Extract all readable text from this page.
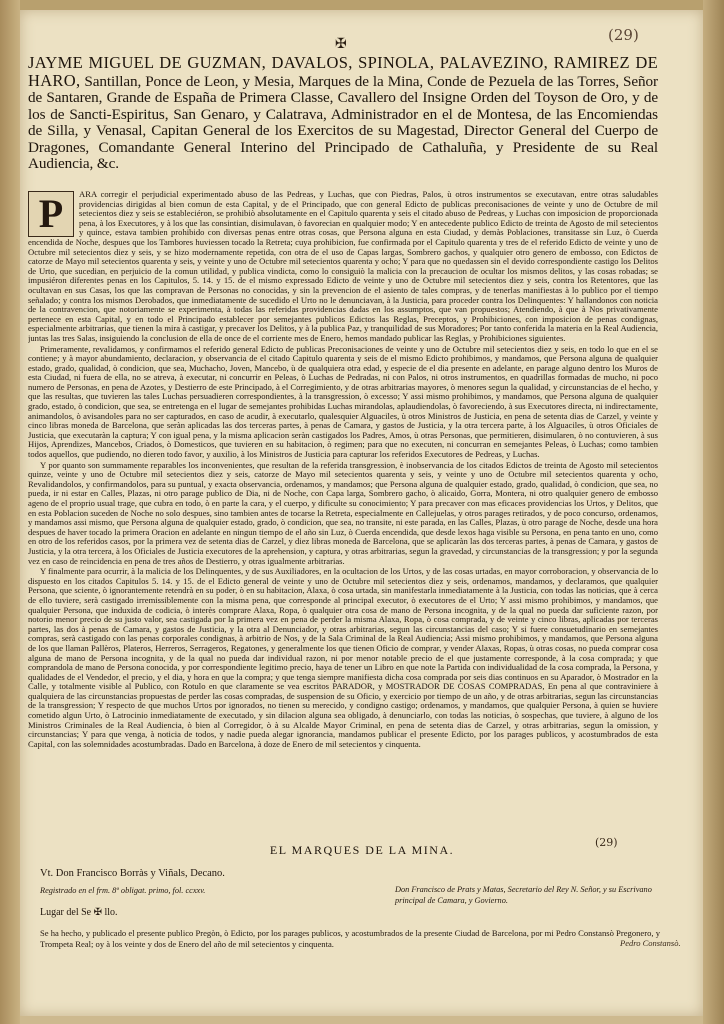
(29)
✠
JAYME MIGUEL DE GUZMAN, DAVALOS, SPINOLA, PALAVEZINO, RAMIREZ DE HARO, Santillan, Ponce de Leon, y Mesia, Marques de la Mina, Conde de Pezuela de las Torres, Señor de Santaren, Grande de España de Primera Classe, Cavallero del Insigne Orden del Toyson de Oro, y de los de Sancti-Espiritus, San Genaro, y Calatrava, Administrador en el de Montesa, de las Encomiendas de Silla, y Venasal, Capitan General de los Exercitos de su Magestad, Director General del Cuerpo de Dragones, Comandante General Interino del Principado de Cathaluña, y Presidente de su Real Audiencia, &c.
P	ARA corregir el perjudicial experimentado abuso de las Pedreas, y Luchas, que con Piedras, Palos, ù otros instrumentos se executavan, entre otras saludables providencias dirigidas al bien comun de esta Capital, y de el Principado, que con general Edicto de publicas preconisaciones de veinte y uno de Octubre de mil setecientos diez y seis se estableciéron, se prohibiò absolutamente en el Capitulo quarenta y seis el citado abuso de Pedreas, y Luchas con imposicion de proporcionada pena, à los Executores, y à los que las consintian, disimulavan, ò favorecian en qualquier modo; Y en antecedente publico Edicto de treinta de Agosto de mil setecientos y quince, estava tambien prohibido con diversas penas entre otras cosas, que Persona alguna en esta Ciudad, y demàs Poblaciones, transitasse sin Luz, ò Cuerda encendida de Noche, despues que los Tambores huviessen tocado la Retreta; cuya prohibicion, fue confirmada por el Capitulo quarenta y tres de el referido Edicto de veinte y uno de Octubre mil setecientos diez y seis, y se hizo modernamente repetida, con otra de el uso de Capas largas, Sombrero gachos, y qualquier otro genero de embosso, con Edictos de catorze de Mayo mil setecientos quarenta y seis, y veinte y uno de Octubre mil setecientos quarenta y ocho; Y para que no quedassen sin el devido correspondiente castigo los Delitos de Urto, que sucedian, en perjuicio de la comun utilidad, y publica vindicta, como lo consiguiò la malicia con la precaucion de ocultar los mismos delitos, y las cosas robadas; se impusiéron diferentes penas en los Capitulos, 5. 14. y 15. de el mismo expressado Edicto de veinte y uno de Octubre mil setecientos diez y seis, contra los Retentores, que las ocultavan en sus Casas, los que las compravan de Personas no conocidas, y sin la prevencion de el asiento de tales compras, y de tenerlas manifiestas à lo publico por el tiempo señalado; y contra los mismos Derobados, que inmediatamente de sucedido el Urto no le denunciavan, à la Justicia, para proceder contra los Delinquentes: Y hallandonos con noticia de la contravencion, que notoriamente se experimenta, à todas las referidas providencias dadas en los assumptos, que van propuestos; Atendiendo, à que à Nos privativamente pertenece en esta Capital, y en todo el Principado establecer por semejantes publicos Edictos las Reglas, Preceptos, y Prohibiciones, con imposicion de penas condignas, especialmente arbitrarias, que tienen la mira à castigar, y precaver los Delitos, y à la publica Paz, y tranquilidad de sus Moradores; Por tanto conferida la materia en la Real Audiencia, juntas las tres Salas, insiguiendo la conclusion de ella de once de el corriente mes de Enero, hemos mandado publicar las Reglas, y Prohibiciones siguientes.

Primeramente, revalidamos, y confirmamos el referido general Edicto de publicas Preconisaciones de veinte y uno de Octubre mil setecientos diez y seis, en todo lo que en el se contiene; y à mayor abundamiento, declaracion, y observancia de el citado Capitulo quarenta y seis de el mismo Edicto prohibimos, y mandamos, que Persona alguna de qualquier estado, grado, qualidad, ò condicion, que sea, Muchacho, Joven, Mancebo, ù de qualquiera otra edad, y especie de el dia presente en adelante, en parage alguno dentro los Muros de esta Ciudad, ni fuera de ella, no se atreva, à executar, ni concurrir en Peleas, ò Luchas de Pedradas, ni con Palos, ni otros instrumentos, en quadrillas formadas de mucho, ni poco numero de Personas, en pena de Azotes, y Destierro de este Principado, à el Corregimiento, y de otras arbitrarias mayores, ò menores segun la qualidad, y circunstancias de el hecho, y que las resultas, que tuvieren las tales Luchas persuadieren correspondientes, à la transgression, ò excesso; Y assi mismo prohibimos, y mandamos, que Persona alguna de qualquier grado, estado, ò condicion, que sea, se entretenga en el lugar de semejantes prohibidas Luchas mirandolas, aplaudiendolas, ò favoreciendo, à sus Executores directa, ni indirectamente, animandolos, ò avisandoles para no ser capturados, en caso de acudir, à executarlo, qualesquier Alguaciles, ù otros Ministros de Justicia, en pena de setenta dias de Carzel, y veinte y cinco libras moneda de Barcelona, que seràn aplicadas las dos terceras partes, à penas de Camara, y gastos de Justicia, y la otra tercera parte, à los Alguaciles, ù otros Oficiales de Justicia, que executaràn la captura; Y con igual pena, y la misma aplicacion seràn castigados los Padres, Amos, ù otras Personas, que permitieren, disimularen, ò no contuvieren, à sus Hijos, Aprendizes, Mancebos, Criados, ò Domesticos, que tuvieren en su habitacion, ò regimen; para que no executen, ni concurran en semejantes Peleas, ò Luchas; como tambien todos aquellos, que pudiendo, no dieren todo favor, y auxilio, à los Ministros de Justicia para capturar los referidos Executores de Pedreas, y Luchas.

Y por quanto son summamente reparables los inconvenientes, que resultan de la referida transgression, è inobservancia de los citados Edictos de treinta de Agosto mil setecientos quinze, veinte y uno de Octubre mil setecientos diez y seis, catorze de Mayo mil setecientos quarenta y seis, y veinte y uno de Octubre mil setecientos quarenta y ocho, Revalidandolos, y confirmandolos, para su puntual, y exacta observancia, ordenamos, y mandamos; que Persona alguna de qualquier estado, grado, qualidad, ò condicion, que sea, no pueda, ir ni estar en Calles, Plazas, ni otro parage publico de Dia, ni de Noche, con Capa larga, Sombrero gacho, ò alicaido, Gorra, Montera, ni otro qualquier genero de embosso ageno de el proprio usual trage, que cubra en todo, ò en parte la cara, y el cuerpo, y dificulte su conocimiento; Y para precaver con mas eficaces providencias los Urtos, y Delitos, que en esta Poblacion suceden de Noche no solo despues, sino tambien antes de tocarse la Retreta, especialmente en Callejuelas, y otros parages retirados, y de poco concurso, ordenamos, y mandamos assi mismo, que Persona alguna de qualquier estado, grado, ò condicion, que sea, no transite, ni este parada, en las Calles, Plazas, ù otro parage de Noche, desde una hora despues de haver tocado la primera Oracion en adelante en ningun tiempo de el año sin Luz, ò Cuerda encendida, que desde lexos haga visible su Persona, en pena tanto en uno, como en otro de los referidos casos, por la primera vez de setenta dias de Carzel, y diez libras moneda de Barcelona, que se aplicaràn las dos terceras partes, à penas de Camara, y gastos de Justicia, y la otra tercera, à los Oficiales de Justicia executores de la aprehension, y captura, y otras arbitrarias, segun la gravedad, y circunstancias de la transgression; y por la segunda vez en caso de reincidencia en pena de tres años de Destierro, y otras igualmente arbitrarias.

Y finalmente para ocurrir, à la malicia de los Delinquentes, y de sus Auxiliadores, en la ocultacion de los Urtos, y de las cosas urtadas, en mayor corroboracion, y observancia de lo dispuesto en los citados Capitulos 5. 14. y 15. de el Edicto general de veinte y uno de Octubre mil setecientos diez y seis, ordenamos, mandamos, y declaramos, que qualquier Persona, que sciente, ò ignorantemente retendrà en su poder, ò en su habitacion, Alaxa, ò cosa urtada, sin manifestarla inmediatamente à la Justicia, con todas las noticias, que à cerca de ello tuviere, serà castigado irremissiblemente con la misma pena, que corresponde al principal executor, ò executores de el Urto; Y assi mismo prohibimos, y mandamos, que qualquier Persona, que induxida de codicia, ò interès comprare Alaxa, Ropa, ò qualquier otra cosa de mano de Persona incognita, y de la qual no pueda dar suficiente razon, por notorio menor precio de su justo valor, sea castigada por la primera vez en pena de perder la misma Alaxa, Ropa, ò cosa comprada, y de veinte y cinco libras, aplicadas por terceras partes, las dos à penas de Camara, y gastos de Justicia, y la otra al Denunciador, y otras arbitrarias, segun las circunstancias del caso; Y si fuere consuetudinario en semejantes compras, serà castigado con las penas corporales condignas, à arbitrio de Nos, y de la Sala Criminal de la Real Audiencia; Assi mismo prohibimos, y mandamos, que Persona alguna de los que llaman Pallèros, Plateros, Herreros, Serrageros, Regatones, y generalmente los que tienen Oficio de comprar, y vender Alaxas, Ropas, ù otras cosas, no pueda comprar cosa alguna de mano de Persona incognita, y de la qual no pueda dar individual razon, ni por menor notable precio de el que justamente corresponde, à la cosa comprada; y que comprandola de mano de Persona conocida, y por correspondiente legitimo precio, haya de tener un Libro en que note la Partida con individualidad de la cosa comprada, la Persona, y qualidades de el Vendedor, el precio, y el dia, y hora en que la compra; y que tenga siempre manifiesta dicha cosa comprada por seis dias continuos en su Aparador, ò Mostrador en la Calle, y totalmente visible al Publico, con Rotulo en que claramente se vea escritos PARADOR, y MOSTRADOR DE COSAS COMPRADAS, En pena al que contraviniere à qualquiera de las circunstancias propuestas de perder las cosas compradas, de suspension de su Oficio, y exercicio por tiempo de un año, y de otras arbitrarias, segun las circunstancias de la transgression; Y respecto de que muchos Urtos por ignorados, no tienen su merecido, y condigno castigo; ordenamos, y mandamos, que qualquier Persona, à quien se huviere cometido algun Urto, ò Latrocinio inmediatamente de executado, y sin dilacion alguna sea obligado, à denunciarlo, con todas las noticias, ò sospechas, que tuviere, à alguno de los Ministros Criminales de la Real Audiencia, ò bien al Corregidor, ò à su Alcalde Mayor Criminal, en pena de setenta dias de Carzel, y otras arbitrarias, segun la omission, y circunstancias; Y para que venga, à noticia de todos, y nadie pueda alegar ignorancia, mandamos publicar el presente Edicto, por los parages publicos, y acostumbrados de esta Capital, con las solemnidades acostumbradas. Dado en Barcelona, à doze de Enero de mil setecientos y cinquenta.

(29)
EL MARQUES DE LA MINA.
Vt. Don Francisco Borràs y Viñals, Decano.
Registrado en el frm. 8º obligat. primo, fol. ccxxv.	Don Francisco de Prats y Matas, Secretario del Rey N. Señor, y su Escrivano principal de Camara, y Govierno.
Lugar del Se ✠ llo.
Se ha hecho, y publicado el presente publico Pregòn, ò Edicto, por los parages publicos, y acostumbrados de la presente Ciudad de Barcelona, por mi Pedro Constansò Pregonero, y Trompeta Real; oy à los veinte y dos de Enero del año de mil setecientos y cinquenta.	Pedro Constansò.
